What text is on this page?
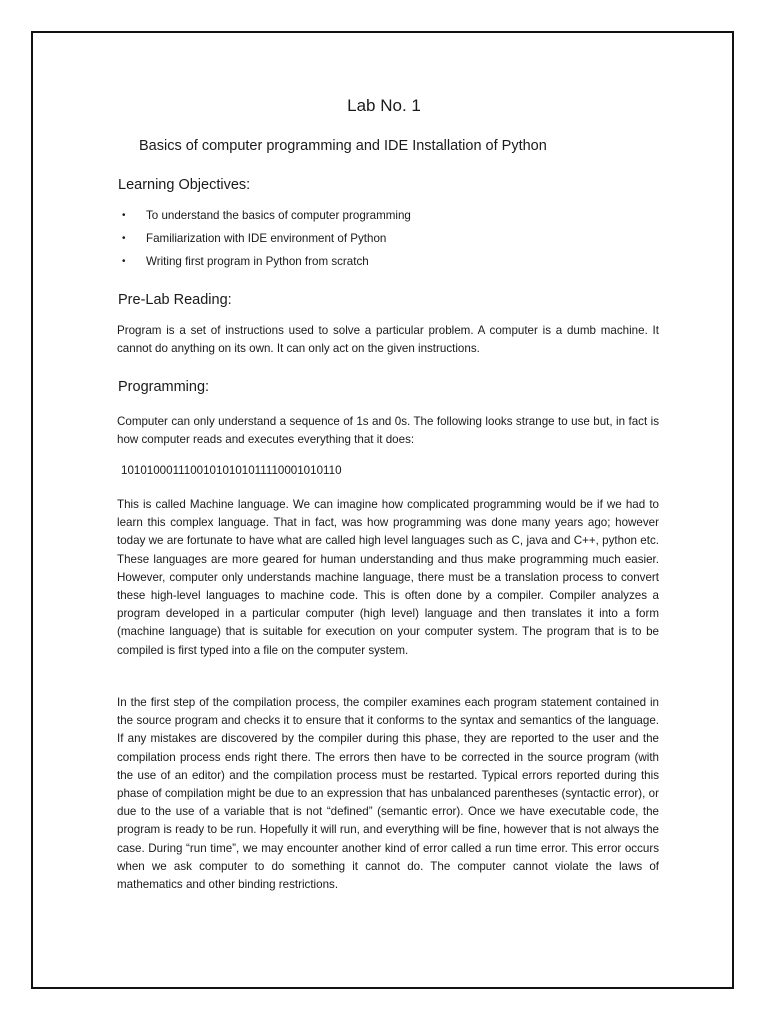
Lab No. 1
Basics of computer programming and IDE Installation of Python
Learning Objectives:
•	To understand the basics of computer programming
•	Familiarization with IDE environment of Python
•	Writing first program in Python from scratch
Pre-Lab Reading:

Program is a set of instructions used to solve a particular problem. A computer is a dumb machine. It cannot do anything on its own. It can only act on the given instructions.

Programming:

Computer can only understand a sequence of 1s and 0s. The following looks strange to use but, in fact is how computer reads and executes everything that it does:

10101000111001010101011110001010110

This is called Machine language. We can imagine how complicated programming would be if we had to learn this complex language. That in fact, was how programming was done many years ago; however today we are fortunate to have what are called high level languages such as C, java and C++, python etc. These languages are more geared for human understanding and thus make programming much easier. However, computer only understands machine language, there must be a translation process to convert these high-level languages to machine code. This is often done by a compiler. Compiler analyzes a program developed in a particular computer (high level) language and then translates it into a form (machine language) that is suitable for execution on your computer system. The program that is to be compiled is first typed into a file on the computer system.

In the first step of the compilation process, the compiler examines each program statement contained in the source program and checks it to ensure that it conforms to the syntax and semantics of the language. If any mistakes are discovered by the compiler during this phase, they are reported to the user and the compilation process ends right there. The errors then have to be corrected in the source program (with the use of an editor) and the compilation process must be restarted. Typical errors reported during this phase of compilation might be due to an expression that has unbalanced parentheses (syntactic error), or due to the use of a variable that is not “defined” (semantic error). Once we have executable code, the program is ready to be run. Hopefully it will run, and everything will be fine, however that is not always the case. During “run time”, we may encounter another kind of error called a run time error. This error occurs when we ask computer to do something it cannot do. The computer cannot violate the laws of mathematics and other binding restrictions.
